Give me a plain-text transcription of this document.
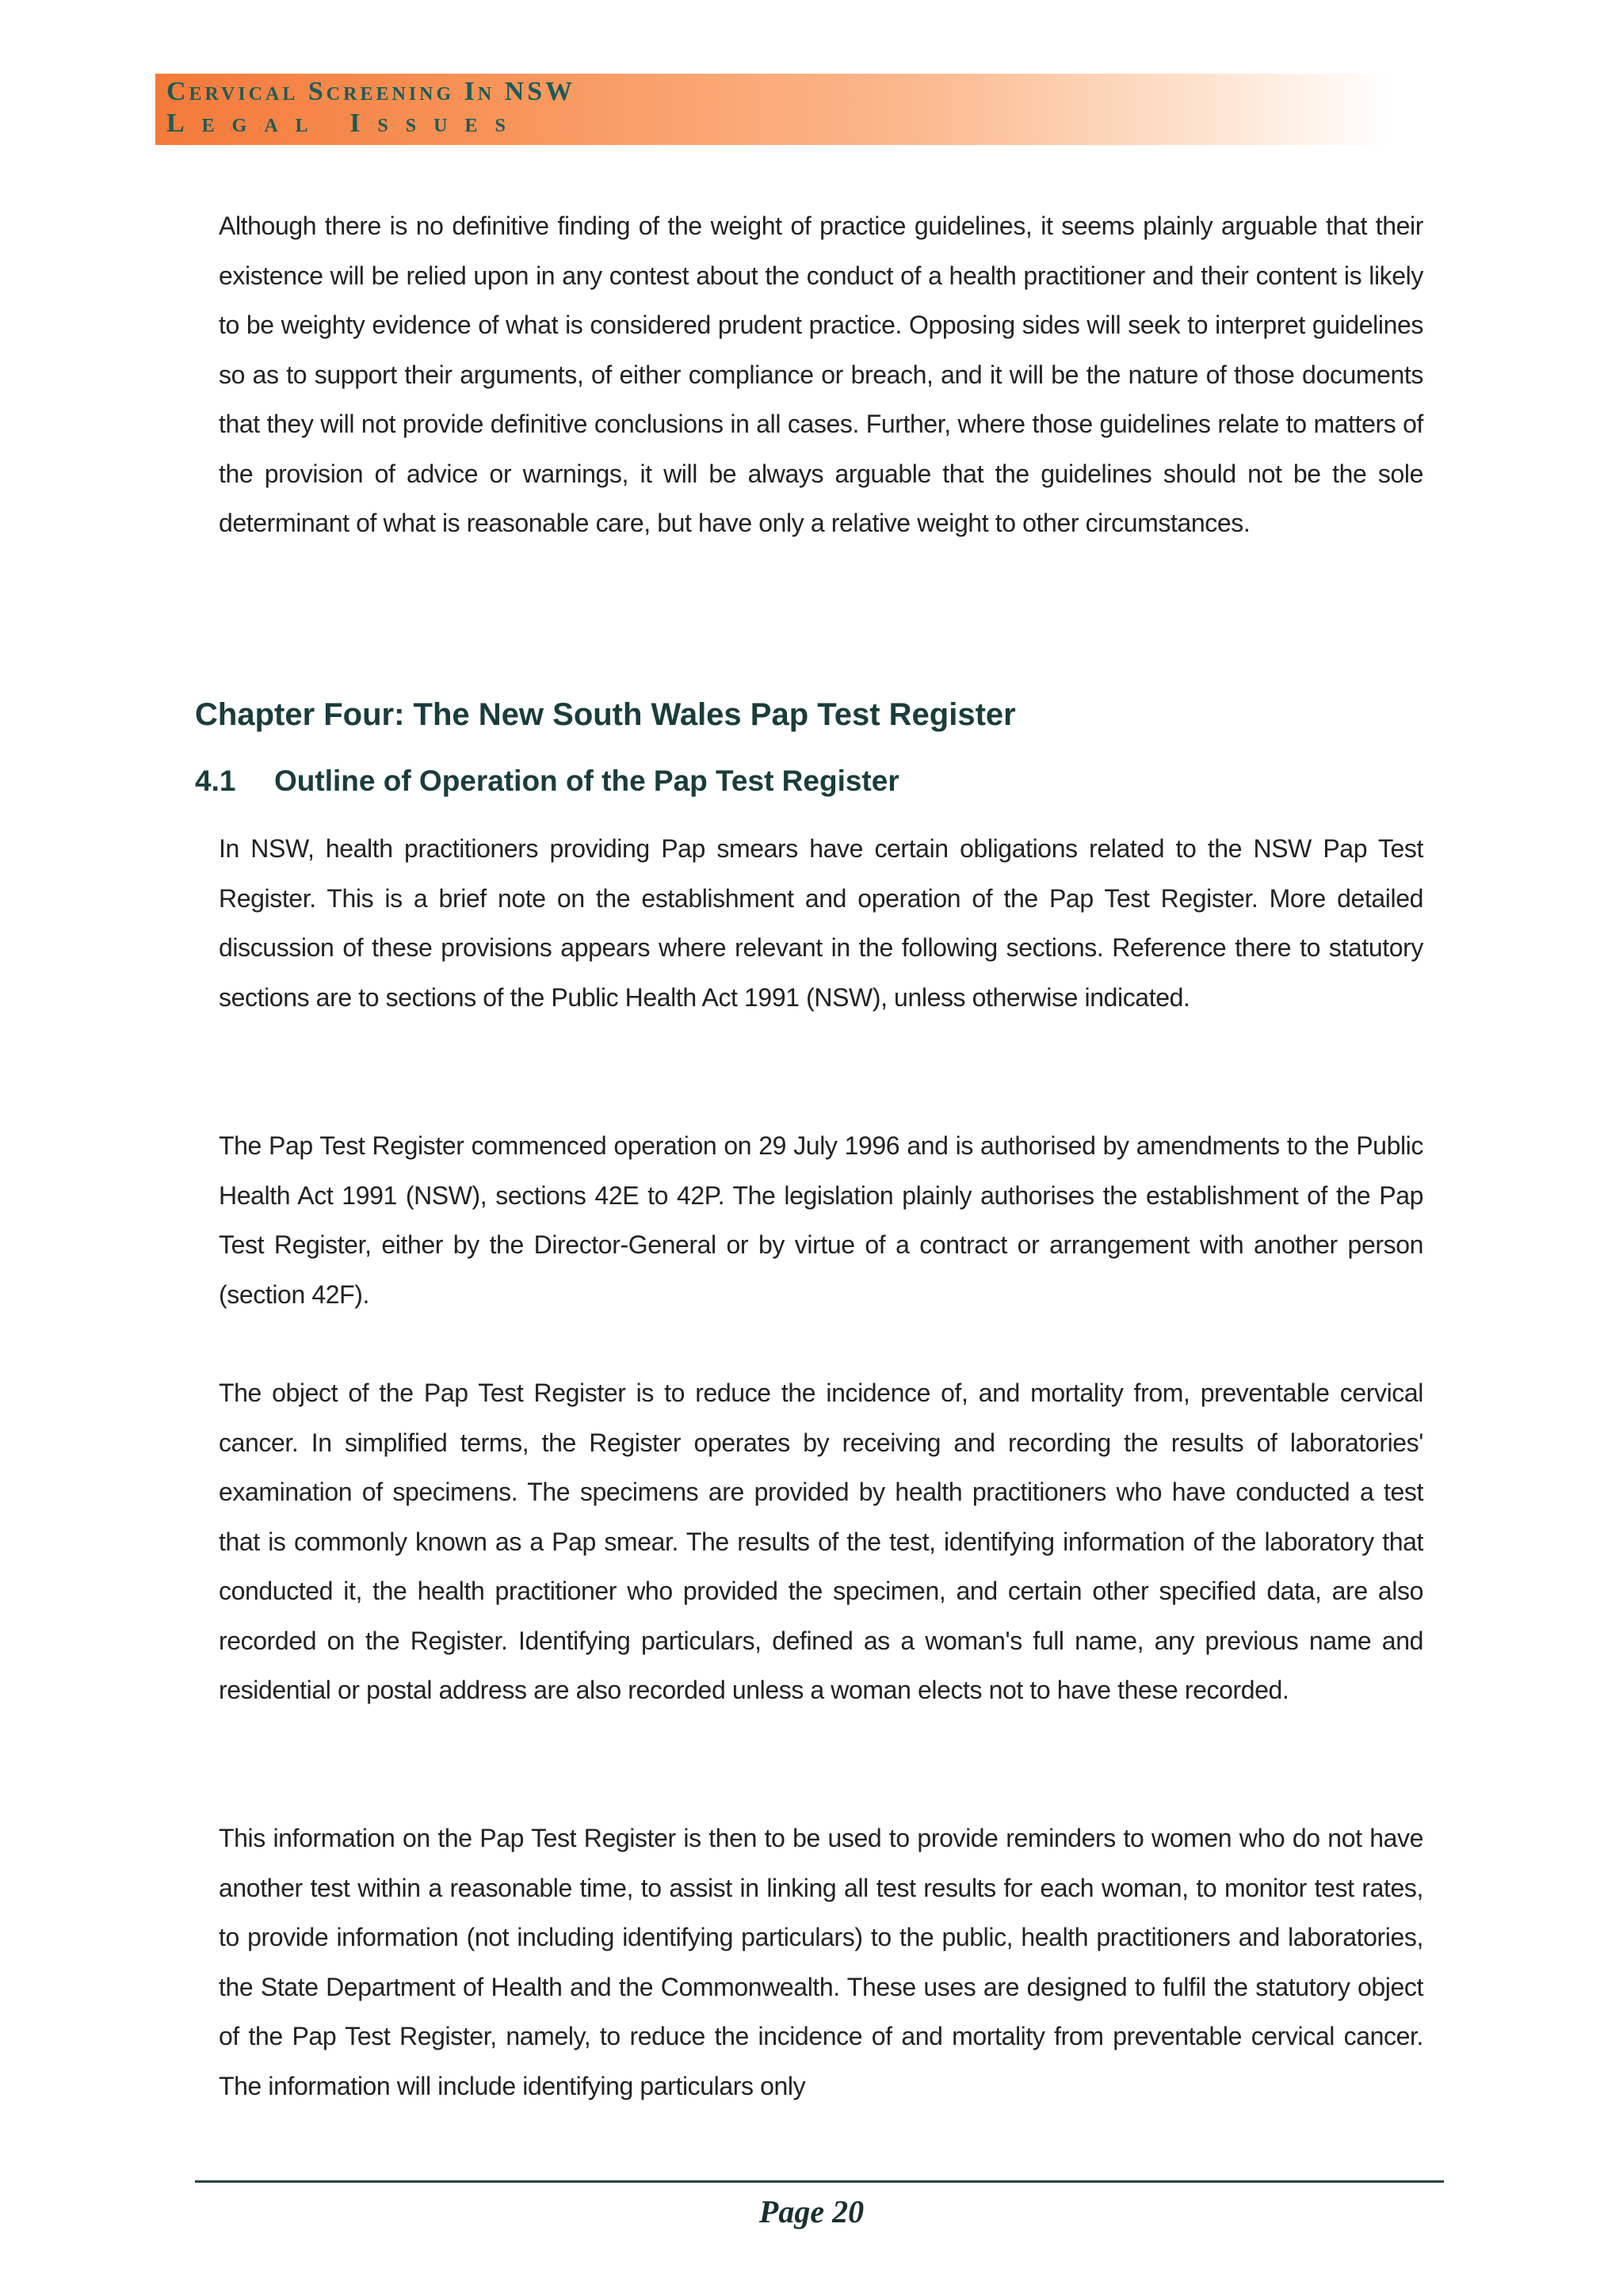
Cervical Screening In NSW
Legal Issues

Although there is no definitive finding of the weight of practice guidelines, it seems plainly arguable that their existence will be relied upon in any contest about the conduct of a health practitioner and their content is likely to be weighty evidence of what is considered prudent practice. Opposing sides will seek to interpret guidelines so as to support their arguments, of either compliance or breach, and it will be the nature of those documents that they will not provide definitive conclusions in all cases. Further, where those guidelines relate to matters of the provision of advice or warnings, it will be always arguable that the guidelines should not be the sole determinant of what is reasonable care, but have only a relative weight to other circumstances.

Chapter Four: The New South Wales Pap Test Register
4.1 Outline of Operation of the Pap Test Register

In NSW, health practitioners providing Pap smears have certain obligations related to the NSW Pap Test Register. This is a brief note on the establishment and operation of the Pap Test Register. More detailed discussion of these provisions appears where relevant in the following sections. Reference there to statutory sections are to sections of the Public Health Act 1991 (NSW), unless otherwise indicated.

The Pap Test Register commenced operation on 29 July 1996 and is authorised by amendments to the Public Health Act 1991 (NSW), sections 42E to 42P. The legislation plainly authorises the establishment of the Pap Test Register, either by the Director-General or by virtue of a contract or arrangement with another person (section 42F).

The object of the Pap Test Register is to reduce the incidence of, and mortality from, preventable cervical cancer. In simplified terms, the Register operates by receiving and recording the results of laboratories' examination of specimens. The specimens are provided by health practitioners who have conducted a test that is commonly known as a Pap smear. The results of the test, identifying information of the laboratory that conducted it, the health practitioner who provided the specimen, and certain other specified data, are also recorded on the Register. Identifying particulars, defined as a woman's full name, any previous name and residential or postal address are also recorded unless a woman elects not to have these recorded.

This information on the Pap Test Register is then to be used to provide reminders to women who do not have another test within a reasonable time, to assist in linking all test results for each woman, to monitor test rates, to provide information (not including identifying particulars) to the public, health practitioners and laboratories, the State Department of Health and the Commonwealth. These uses are designed to fulfil the statutory object of the Pap Test Register, namely, to reduce the incidence of and mortality from preventable cervical cancer. The information will include identifying particulars only

Page 20
